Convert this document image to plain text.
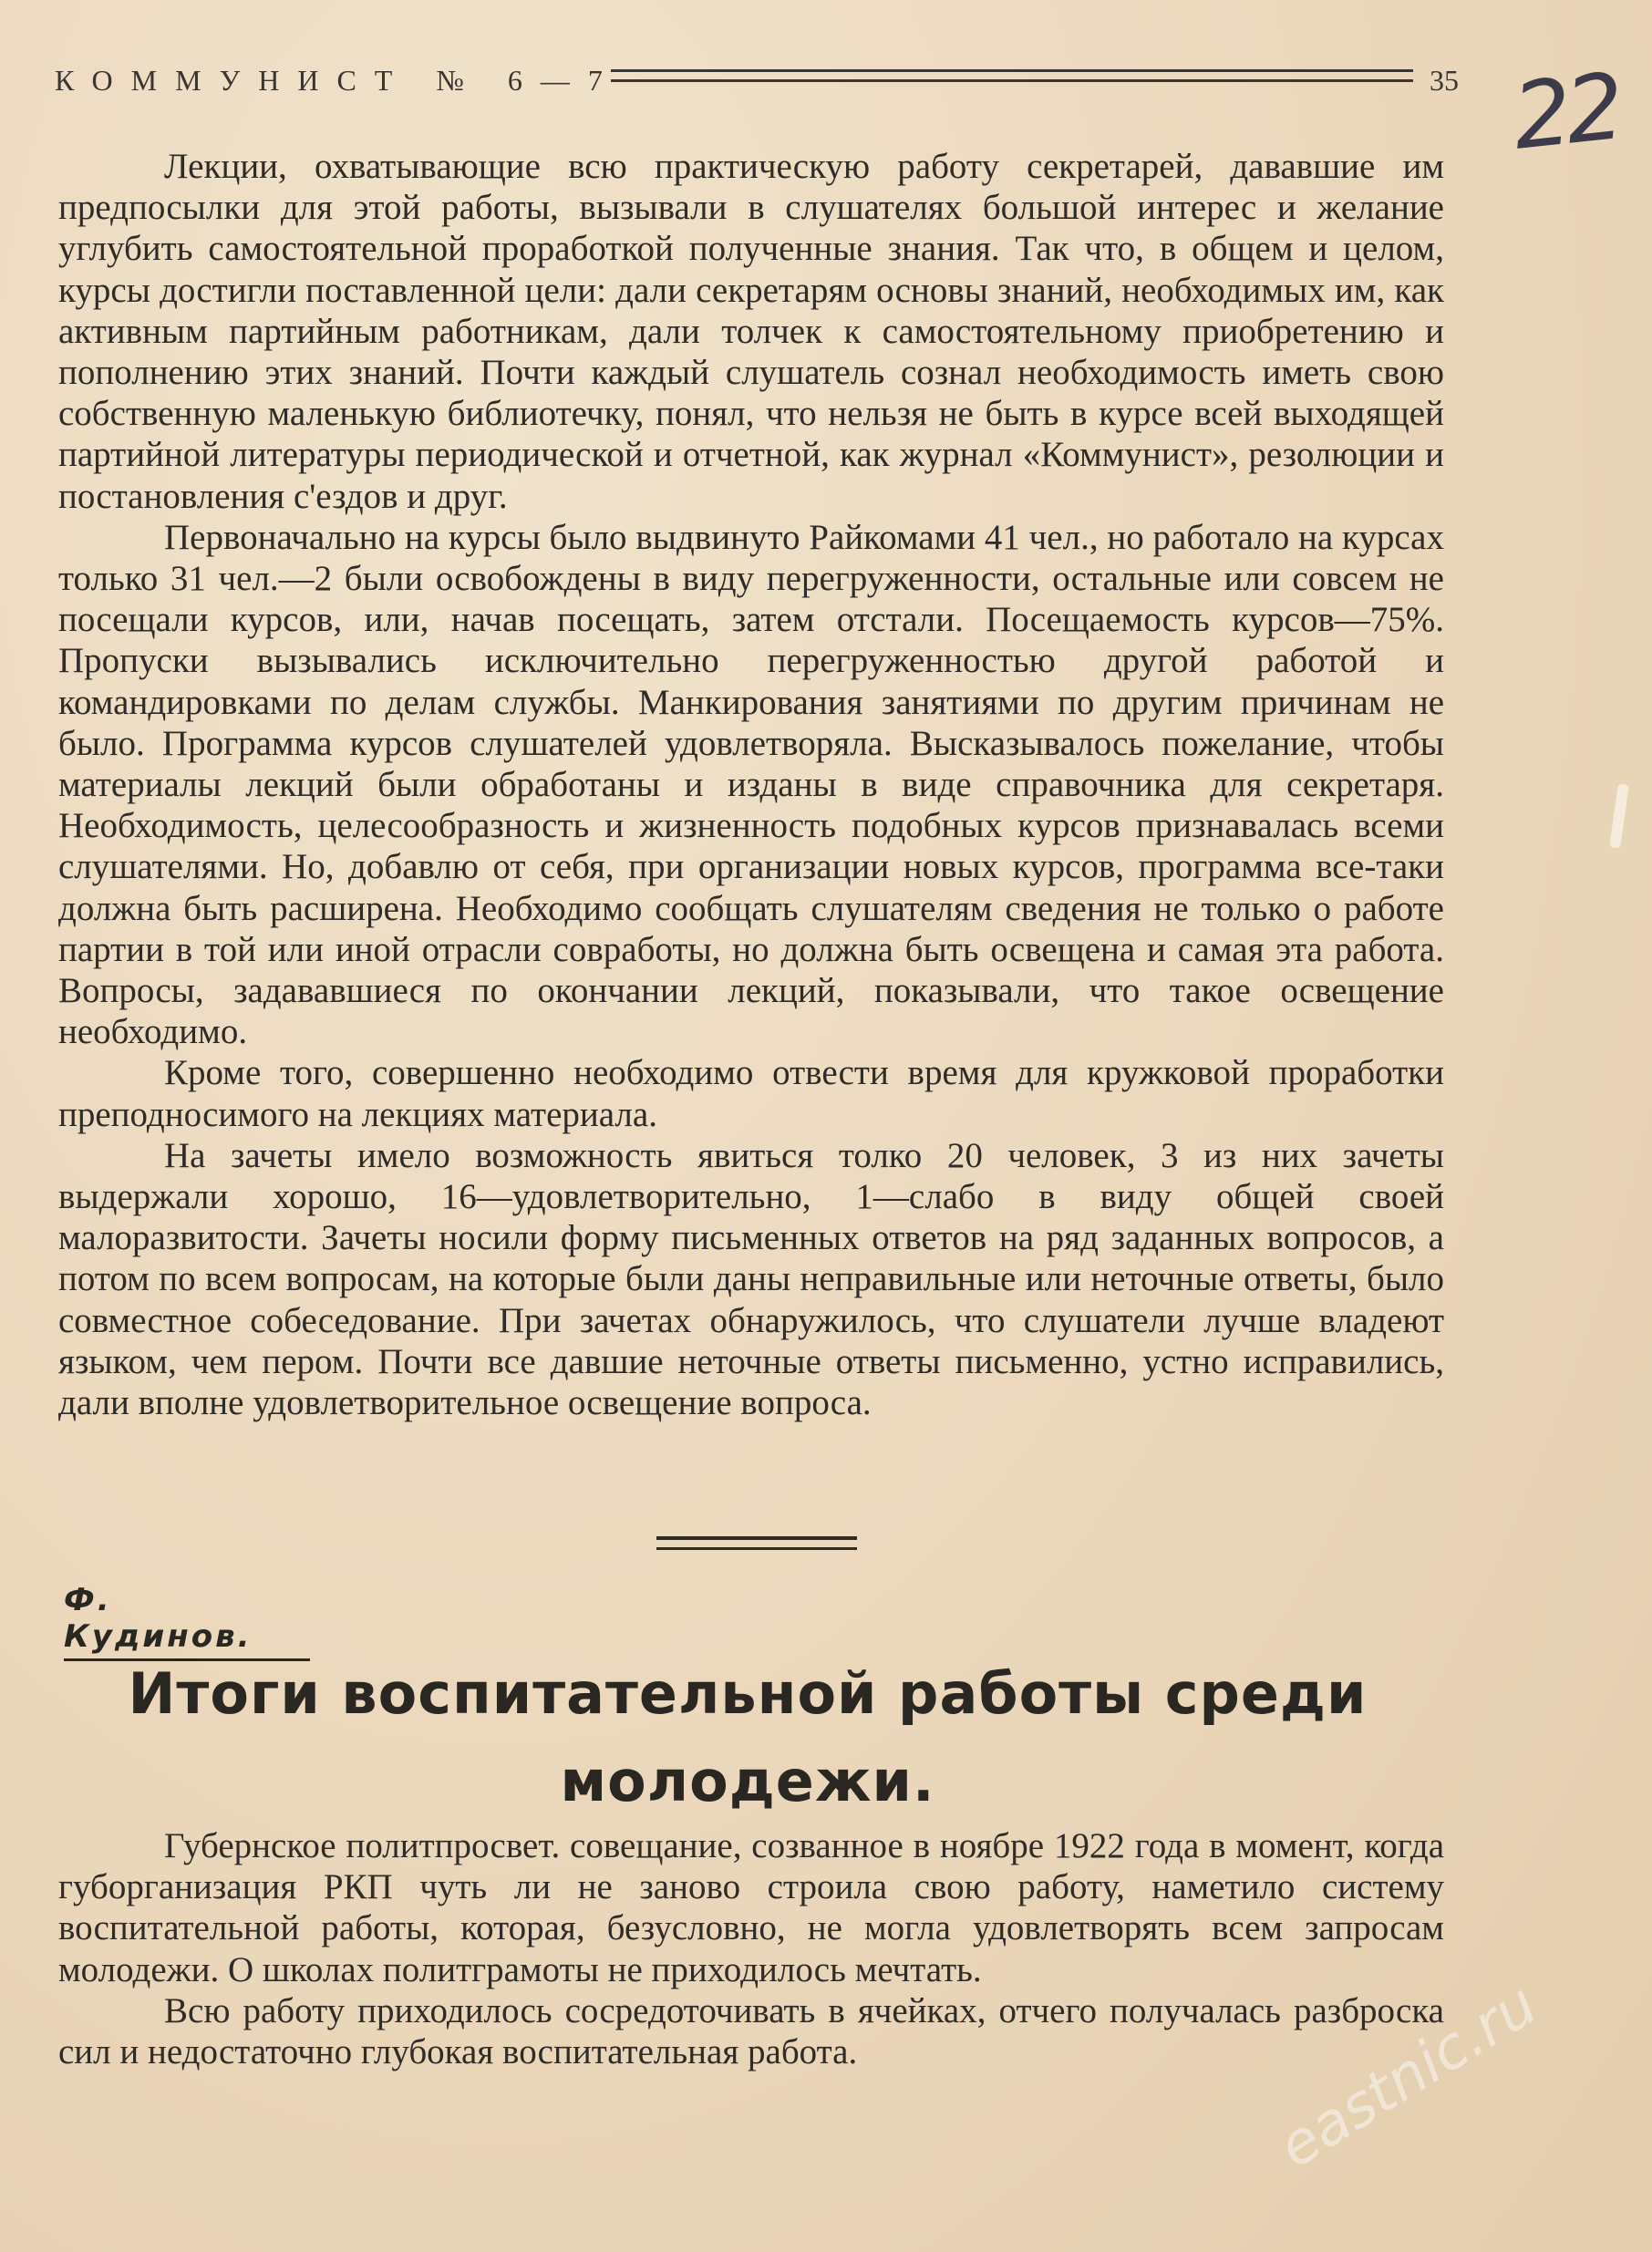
КОММУНИСТ № 6—7	35 22

Лекции, охватывающие всю практическую работу секретарей, дававшие им предпосылки для этой работы, вызывали в слушателях большой интерес и желание углубить самостоятельной проработкой полученные знания. Так что, в общем и целом, курсы достигли поставленной цели: дали секретарям основы знаний, необходимых им, как активным партийным работникам, дали толчек к самостоятельному приобретению и пополнению этих знаний. Почти каждый слушатель сознал необходимость иметь свою собственную маленькую библиотечку, понял, что нельзя не быть в курсе всей выходящей партийной литературы периодической и отчетной, как журнал «Коммунист», резолюции и постановления с'ездов и друг.

Первоначально на курсы было выдвинуто Райкомами 41 чел., но работало на курсах только 31 чел.—2 были освобождены в виду перегруженности, остальные или совсем не посещали курсов, или, начав посещать, затем отстали. Посещаемость курсов—75%. Пропуски вызывались исключительно перегруженностью другой работой и командировками по делам службы. Манкирования занятиями по другим причинам не было. Программа курсов слушателей удовлетворяла. Высказывалось пожелание, чтобы материалы лекций были обработаны и изданы в виде справочника для секретаря. Необходимость, целесообразность и жизненность подобных курсов признавалась всеми слушателями. Но, добавлю от себя, при организации новых курсов, программа все-таки должна быть расширена. Необходимо сообщать слушателям сведения не только о работе партии в той или иной отрасли совработы, но должна быть освещена и самая эта работа. Вопросы, задававшиеся по окончании лекций, показывали, что такое освещение необходимо.

Кроме того, совершенно необходимо отвести время для кружковой проработки преподносимого на лекциях материала.

На зачеты имело возможность явиться толко 20 человек, 3 из них зачеты выдержали хорошо, 16—удовлетворительно, 1—слабо в виду общей своей малоразвитости. Зачеты носили форму письменных ответов на ряд заданных вопросов, а потом по всем вопросам, на которые были даны неправильные или неточные ответы, было совместное собеседование. При зачетах обнаружилось, что слушатели лучше владеют языком, чем пером. Почти все давшие неточные ответы письменно, устно исправились, дали вполне удовлетворительное освещение вопроса.

Ф. Кудинов.
Итоги воспитательной работы среди молодежи.

Губернское политпросвет. совещание, созванное в ноябре 1922 года в момент, когда губорганизация РКП чуть ли не заново строила свою работу, наметило систему воспитательной работы, которая, безусловно, не могла удовлетворять всем запросам молодежи. О школах политграмоты не приходилось мечтать.

Всю работу приходилось сосредоточивать в ячейках, отчего получалась разброска сил и недостаточно глубокая воспитательная работа.	eastnic.ru
